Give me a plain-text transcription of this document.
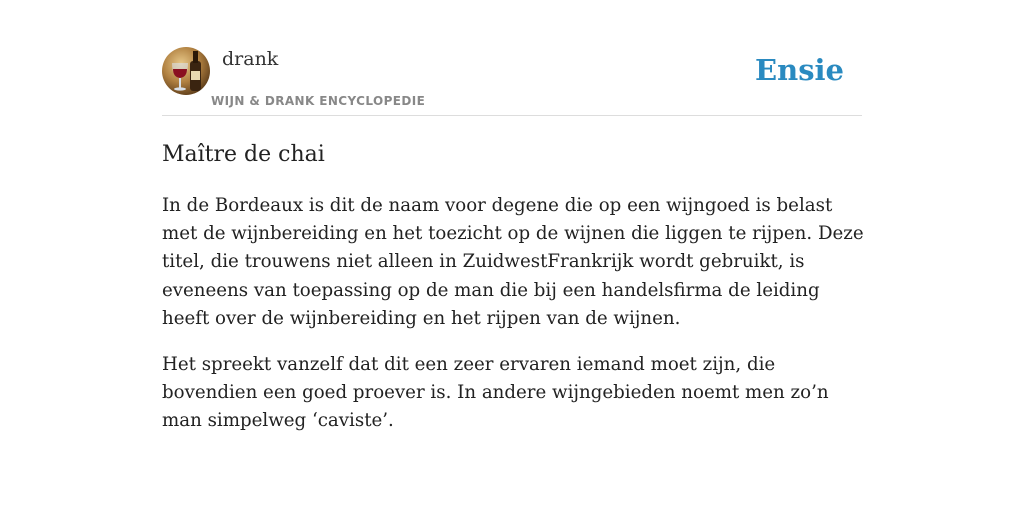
drank
WIJN & DRANK ENCYCLOPEDIE
Ensie
Maître de chai

In de Bordeaux is dit de naam voor degene die op een wijngoed is belast met de wijnbereiding en het toezicht op de wijnen die liggen te rijpen. Deze titel, die trouwens niet alleen in ZuidwestFrankrijk wordt gebruikt, is eveneens van toepassing op de man die bij een handelsfirma de leiding heeft over de wijnbereiding en het rijpen van de wijnen.

Het spreekt vanzelf dat dit een zeer ervaren iemand moet zijn, die bovendien een goed proever is. In andere wijngebieden noemt men zo’n man simpelweg ‘caviste’.
